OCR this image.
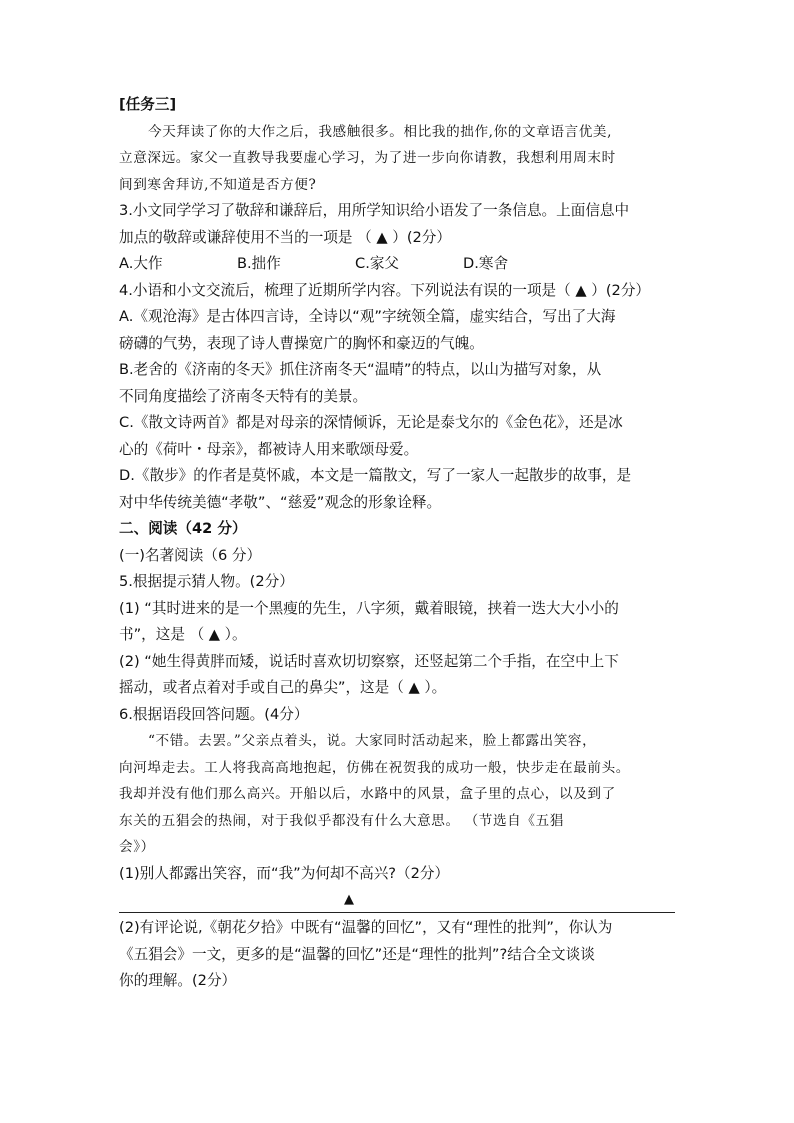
[任务三]
今天拜读了你的大作之后，我感触很多。相比我的拙作,你的文章语言优美,
立意深远。家父一直教导我要虚心学习，为了进一步向你请教，我想利用周末时
间到寒舍拜访,不知道是否方便?
3.小文同学学习了敬辞和谦辞后，用所学知识给小语发了一条信息。上面信息中
加点的敬辞或谦辞使用不当的一项是 （ ▲ ）(2分）
A.大作	B.拙作	C.家父	D.寒舍
4.小语和小文交流后，梳理了近期所学内容。下列说法有误的一项是（ ▲ ）(2分）
A.《观沧海》是古体四言诗，全诗以“观”字统领全篇，虚实结合，写出了大海
磅礴的气势，表现了诗人曹操宽广的胸怀和豪迈的气魄。
B.老舍的《济南的冬天》抓住济南冬天“温晴”的特点，以山为描写对象，从
不同角度描绘了济南冬天特有的美景。
C.《散文诗两首》都是对母亲的深情倾诉，无论是泰戈尔的《金色花》，还是冰
心的《荷叶・母亲》，都被诗人用来歌颂母爱。
D.《散步》的作者是莫怀戚，本文是一篇散文，写了一家人一起散步的故事，是
对中华传统美德“孝敬”、“慈爱”观念的形象诠释。
二、阅读（42 分）
(一)名著阅读（6 分）
5.根据提示猜人物。(2分）
(1) “其时进来的是一个黑瘦的先生，八字须，戴着眼镜，挟着一迭大大小小的
书”，这是 （ ▲ ）。
(2) “她生得黄胖而矮，说话时喜欢切切察察，还竖起第二个手指，在空中上下
摇动，或者点着对手或自己的鼻尖”，这是（ ▲ ）。
6.根据语段回答问题。(4分）
“不错。去罢。”父亲点着头，说。大家同时活动起来，脸上都露出笑容，
向河埠走去。工人将我高高地抱起，仿佛在祝贺我的成功一般，快步走在最前头。
我却并没有他们那么高兴。开船以后，水路中的风景，盒子里的点心，以及到了
东关的五猖会的热闹，对于我似乎都没有什么大意思。 （节选自《五猖
会》）
(1)别人都露出笑容，而“我”为何却不高兴?（2分）
▲
(2)有评论说,《朝花夕拾》中既有“温馨的回忆”，又有“理性的批判”，你认为
《五猖会》一文，更多的是“温馨的回忆”还是“理性的批判”?结合全文谈谈
你的理解。(2分）
